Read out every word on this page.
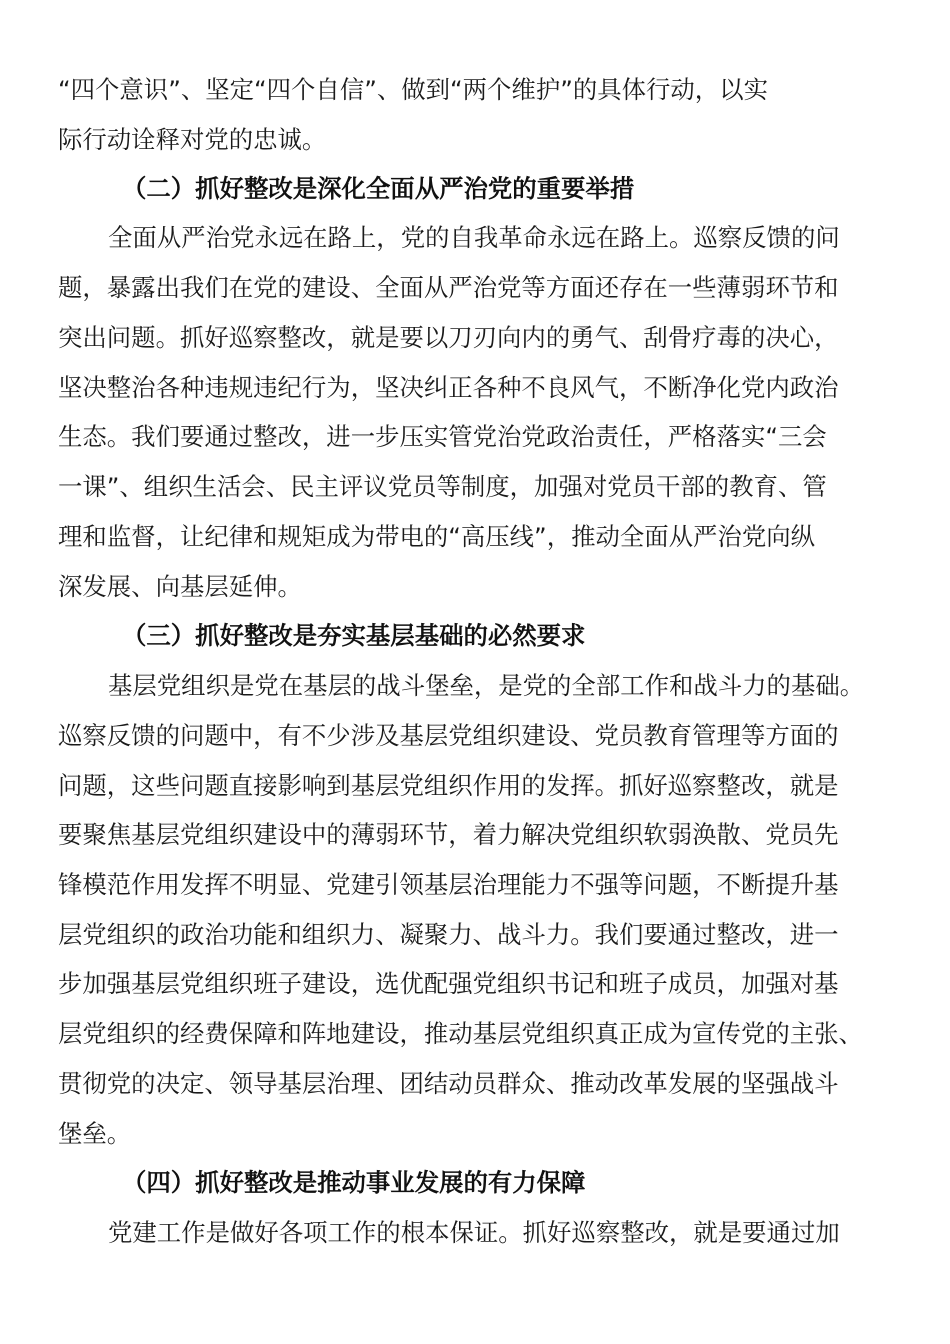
“四个意识”、坚定“四个自信”、做到“两个维护”的具体行动，以实
际行动诠释对党的忠诚。
（二）抓好整改是深化全面从严治党的重要举措
全面从严治党永远在路上，党的自我革命永远在路上。巡察反馈的问
题，暴露出我们在党的建设、全面从严治党等方面还存在一些薄弱环节和
突出问题。抓好巡察整改，就是要以刀刃向内的勇气、刮骨疗毒的决心，
坚决整治各种违规违纪行为，坚决纠正各种不良风气，不断净化党内政治
生态。我们要通过整改，进一步压实管党治党政治责任，严格落实“三会
一课”、组织生活会、民主评议党员等制度，加强对党员干部的教育、管
理和监督，让纪律和规矩成为带电的“高压线”，推动全面从严治党向纵
深发展、向基层延伸。
（三）抓好整改是夯实基层基础的必然要求
基层党组织是党在基层的战斗堡垒，是党的全部工作和战斗力的基础。
巡察反馈的问题中，有不少涉及基层党组织建设、党员教育管理等方面的
问题，这些问题直接影响到基层党组织作用的发挥。抓好巡察整改，就是
要聚焦基层党组织建设中的薄弱环节，着力解决党组织软弱涣散、党员先
锋模范作用发挥不明显、党建引领基层治理能力不强等问题，不断提升基
层党组织的政治功能和组织力、凝聚力、战斗力。我们要通过整改，进一
步加强基层党组织班子建设，选优配强党组织书记和班子成员，加强对基
层党组织的经费保障和阵地建设，推动基层党组织真正成为宣传党的主张、
贯彻党的决定、领导基层治理、团结动员群众、推动改革发展的坚强战斗
堡垒。
（四）抓好整改是推动事业发展的有力保障
党建工作是做好各项工作的根本保证。抓好巡察整改，就是要通过加
